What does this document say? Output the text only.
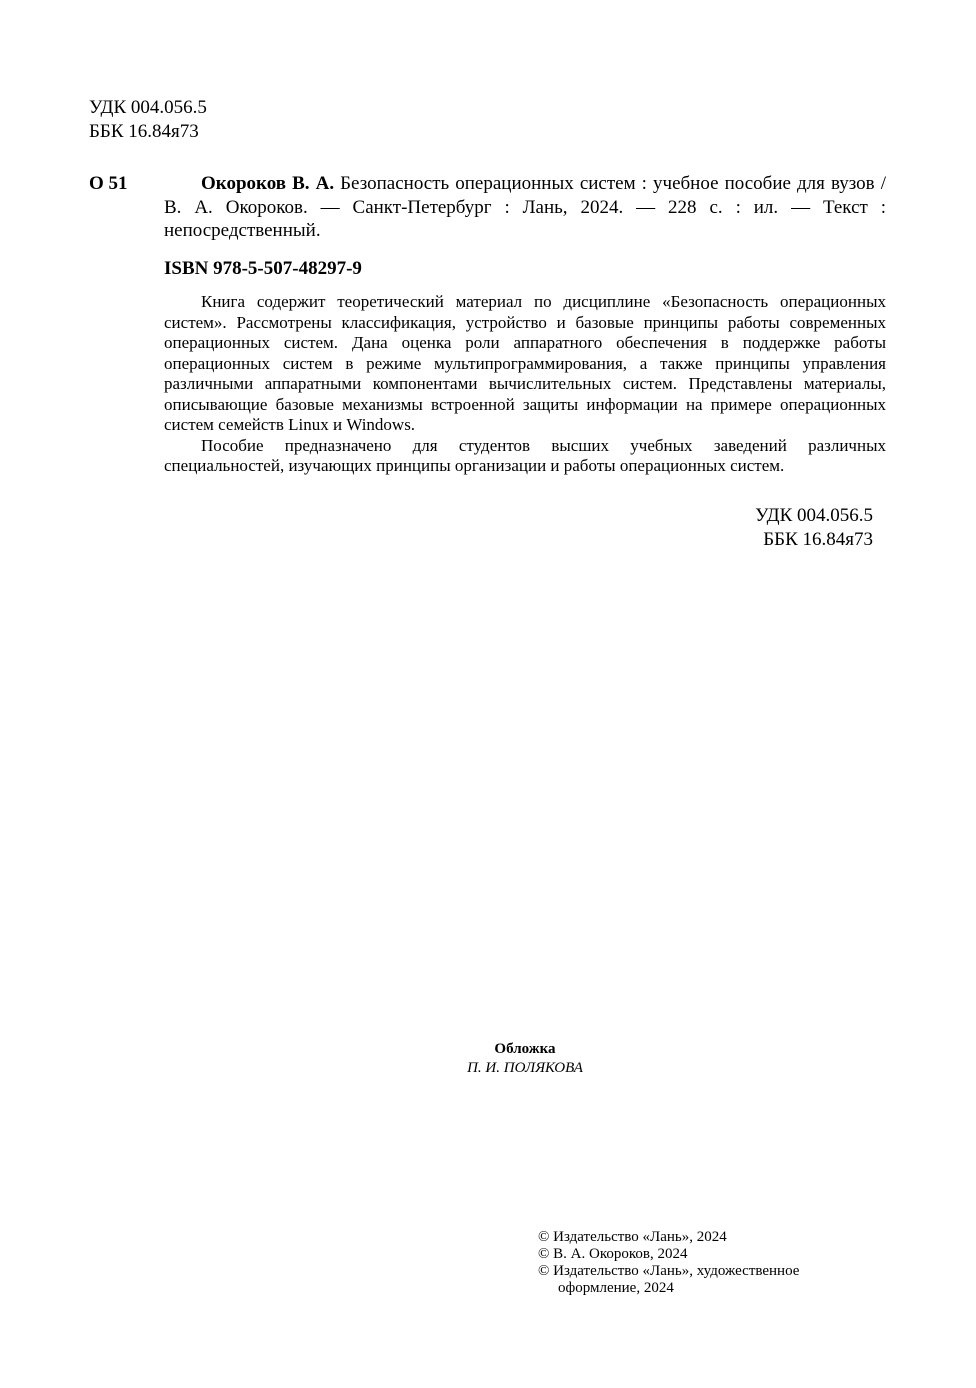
УДК 004.056.5
ББК 16.84я73
О 51	Окороков В. А. Безопасность операционных систем : учебное пособие для вузов / В. А. Окороков. — Санкт-Петербург : Лань, 2024. — 228 с. : ил. — Текст : непосредственный.

ISBN 978-5-507-48297-9

Книга содержит теоретический материал по дисциплине «Безопасность операционных систем». Рассмотрены классификация, устройство и базовые принципы работы современных операционных систем. Дана оценка роли аппаратного обеспечения в поддержке работы операционных систем в режиме мультипрограммирования, а также принципы управления различными аппаратными компонентами вычислительных систем. Представлены материалы, описывающие базовые механизмы встроенной защиты информации на примере операционных систем семейств Linux и Windows.

Пособие предназначено для студентов высших учебных заведений различных специальностей, изучающих принципы организации и работы операционных систем.

УДК 004.056.5
ББК 16.84я73
Обложка
П. И. ПОЛЯКОВА
© Издательство «Лань», 2024
© В. А. Окороков, 2024
© Издательство «Лань», художественное
оформление, 2024
